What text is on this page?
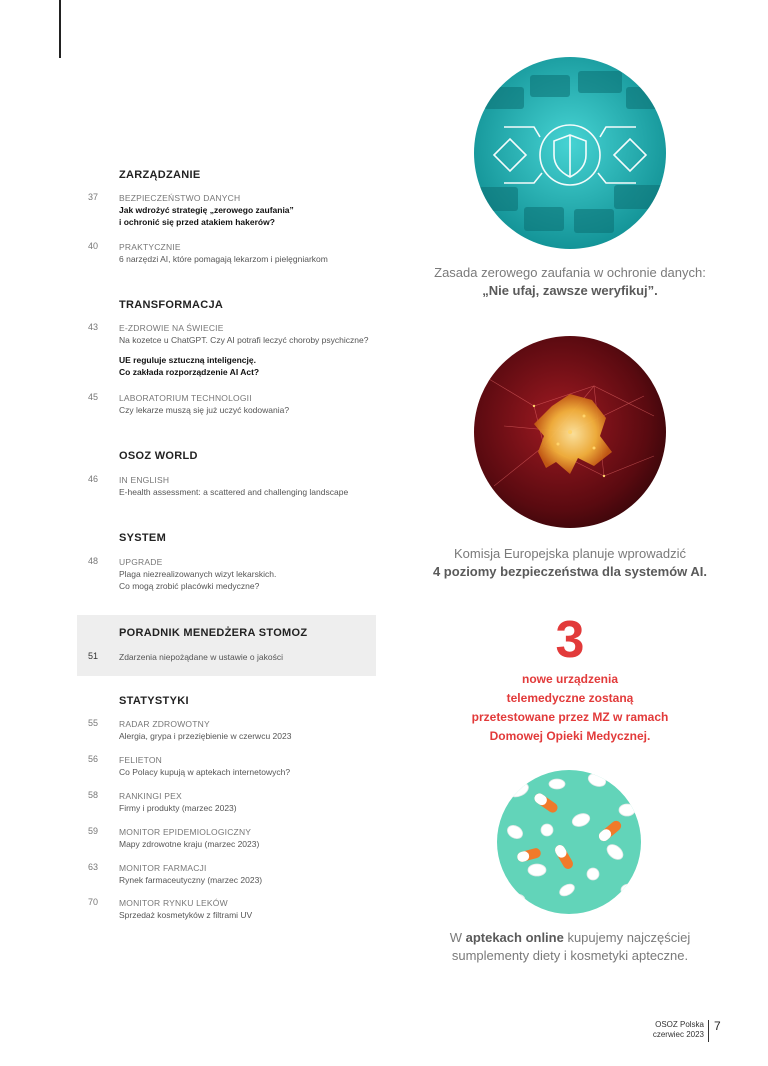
ZARZĄDZANIE
37	BEZPIECZEŃSTWO DANYCH
Jak wdrożyć strategię „zerowego zaufania”
i ochronić się przed atakiem hakerów?
40	PRAKTYCZNIE
6 narzędzi AI, które pomagają lekarzom i pielęgniarkom
TRANSFORMACJA
43	E-ZDROWIE NA ŚWIECIE
Na kozetce u ChatGPT. Czy AI potrafi leczyć choroby psychiczne?
UE reguluje sztuczną inteligencję.
Co zakłada rozporządzenie AI Act?
45	LABORATORIUM TECHNOLOGII
Czy lekarze muszą się już uczyć kodowania?
OSOZ WORLD
46	IN ENGLISH
E-health assessment: a scattered and challenging landscape
SYSTEM
48	UPGRADE
Plaga niezrealizowanych wizyt lekarskich.
Co mogą zrobić placówki medyczne?
PORADNIK MENEDŻERA STOMOZ
51	Zdarzenia niepożądane w ustawie o jakości
STATYSTYKI
55	RADAR ZDROWOTNY
Alergia, grypa i przeziębienie w czerwcu 2023
56	FELIETON
Co Polacy kupują w aptekach internetowych?
58	RANKINGI PEX
Firmy i produkty (marzec 2023)
59	MONITOR EPIDEMIOLOGICZNY
Mapy zdrowotne kraju (marzec 2023)
63	MONITOR FARMACJI
Rynek farmaceutyczny (marzec 2023)
70	MONITOR RYNKU LEKÓW
Sprzedaż kosmetyków z filtrami UV
Zasada zerowego zaufania w ochronie danych:
„Nie ufaj, zawsze weryfikuj”.
Komisja Europejska planuje wprowadzić
4 poziomy bezpieczeństwa dla systemów AI.
3
nowe urządzenia
telemedyczne zostaną
przetestowane przez MZ w ramach
Domowej Opieki Medycznej.
W aptekach online kupujemy najczęściej
sumplementy diety i kosmetyki apteczne.
OSOZ Polska
czerwiec 2023
7
